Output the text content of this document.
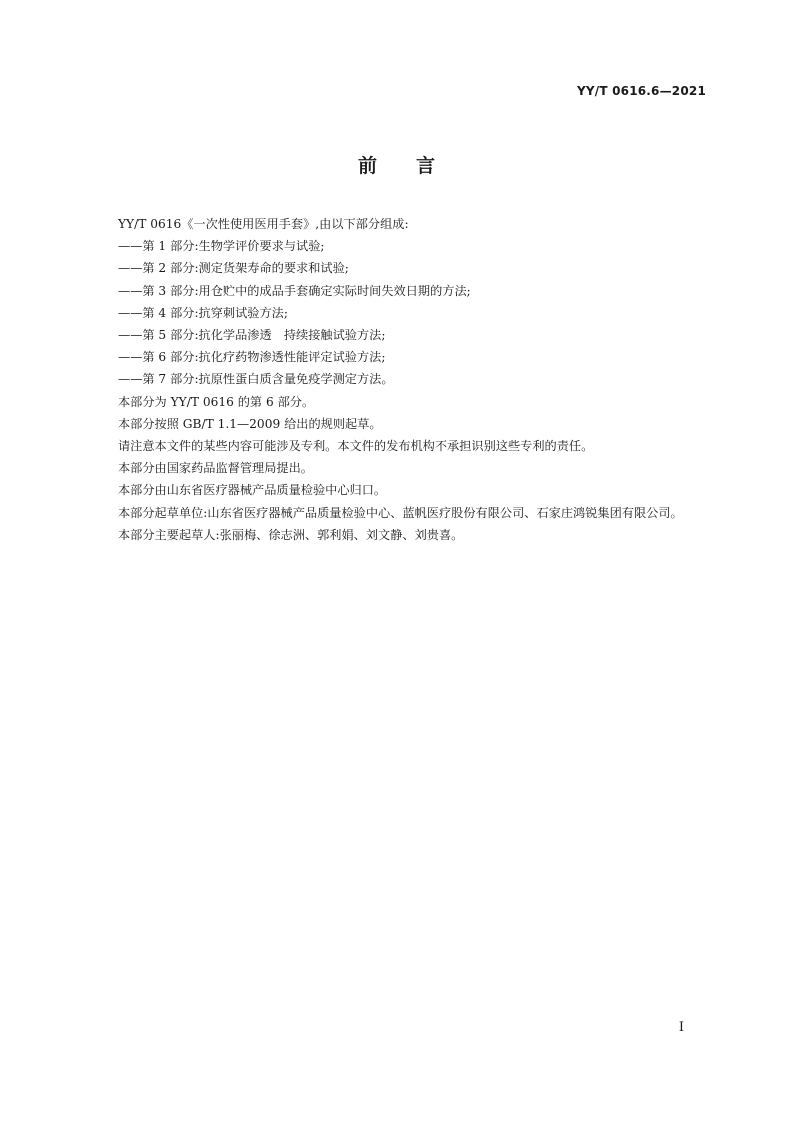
YY/T 0616.6—2021
前 言

YY/T 0616《一次性使用医用手套》,由以下部分组成:

——第 1 部分:生物学评价要求与试验;

——第 2 部分:测定货架寿命的要求和试验;

——第 3 部分:用仓贮中的成品手套确定实际时间失效日期的方法;

——第 4 部分:抗穿刺试验方法;

——第 5 部分:抗化学品渗透　持续接触试验方法;

——第 6 部分:抗化疗药物渗透性能评定试验方法;

——第 7 部分:抗原性蛋白质含量免疫学测定方法。

本部分为 YY/T 0616 的第 6 部分。

本部分按照 GB/T 1.1—2009 给出的规则起草。

请注意本文件的某些内容可能涉及专利。本文件的发布机构不承担识别这些专利的责任。

本部分由国家药品监督管理局提出。

本部分由山东省医疗器械产品质量检验中心归口。

本部分起草单位:山东省医疗器械产品质量检验中心、蓝帆医疗股份有限公司、石家庄鸿锐集团有限公司。

本部分主要起草人:张丽梅、徐志洲、郭利娟、刘文静、刘贵喜。

I
